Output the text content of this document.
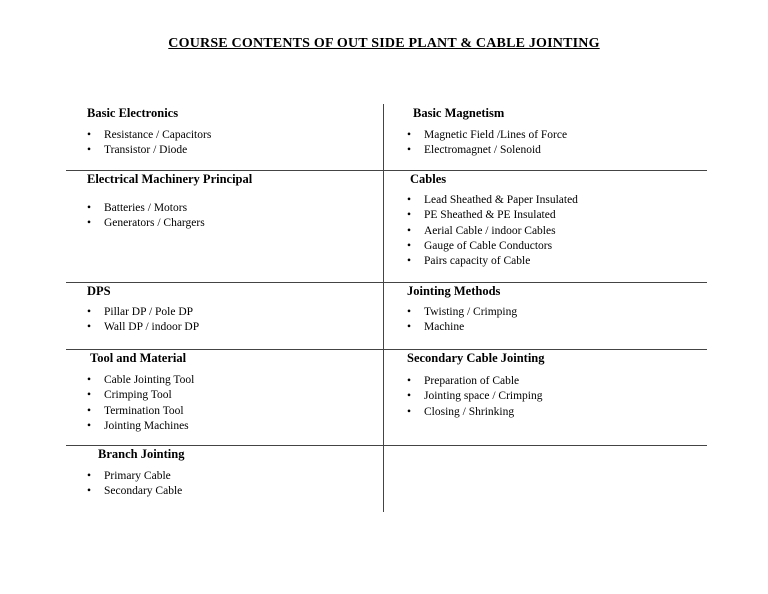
COURSE CONTENTS OF OUT SIDE PLANT & CABLE JOINTING
Basic Electronics
• Resistance / Capacitors
• Transistor / Diode
Basic Magnetism
• Magnetic Field /Lines of Force
• Electromagnet / Solenoid
Electrical Machinery Principal
• Batteries / Motors
• Generators / Chargers
Cables
• Lead Sheathed & Paper Insulated
• PE Sheathed & PE Insulated
• Aerial Cable / indoor Cables
• Gauge of Cable Conductors
• Pairs capacity of Cable
DPS
• Pillar DP / Pole DP
• Wall DP / indoor DP
Jointing Methods
• Twisting / Crimping
• Machine
Tool and Material
• Cable Jointing Tool
• Crimping Tool
• Termination Tool
• Jointing Machines
Secondary Cable Jointing
• Preparation of Cable
• Jointing space / Crimping
• Closing / Shrinking
Branch Jointing
• Primary Cable
• Secondary Cable
